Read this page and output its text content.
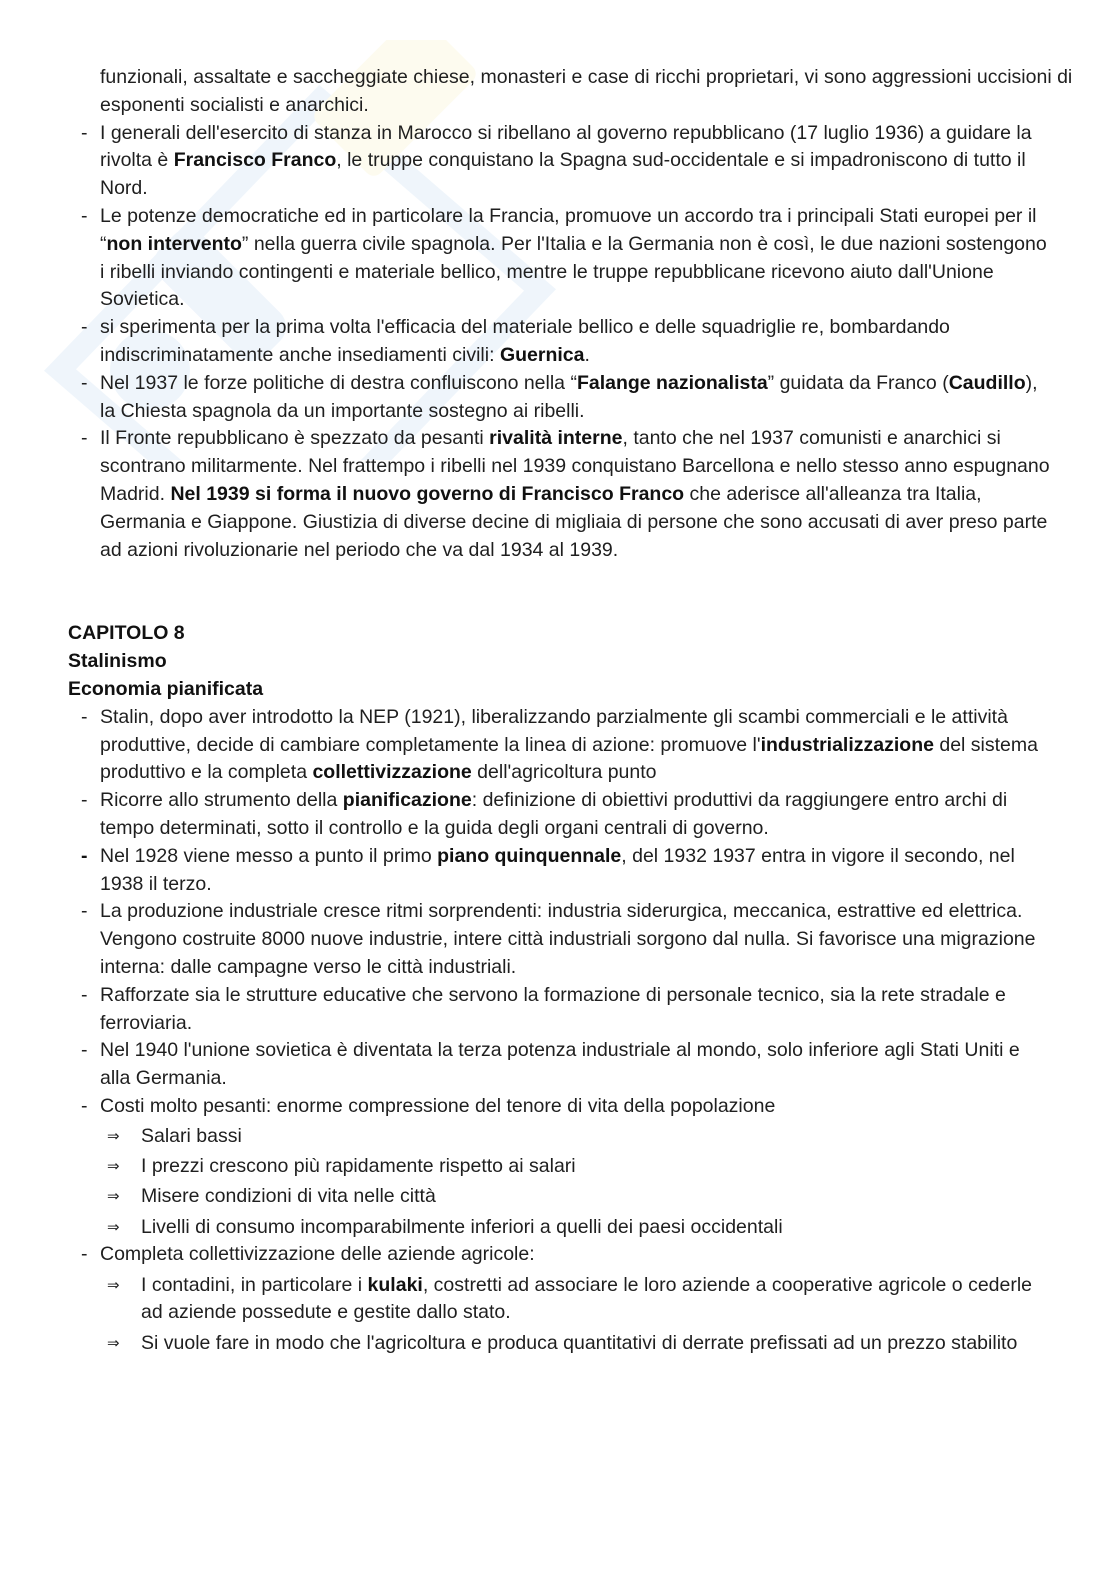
funzionali, assaltate e saccheggiate chiese, monasteri e case di ricchi proprietari, vi sono aggressioni uccisioni di esponenti socialisti e anarchici.

- I generali dell'esercito di stanza in Marocco si ribellano al governo repubblicano (17 luglio 1936) a guidare la rivolta è Francisco Franco, le truppe conquistano la Spagna sud-occidentale e si impadroniscono di tutto il Nord.
- Le potenze democratiche ed in particolare la Francia, promuove un accordo tra i principali Stati europei per il “non intervento” nella guerra civile spagnola. Per l'Italia e la Germania non è così, le due nazioni sostengono i ribelli inviando contingenti e materiale bellico, mentre le truppe repubblicane ricevono aiuto dall'Unione Sovietica.
- si sperimenta per la prima volta l'efficacia del materiale bellico e delle squadriglie re, bombardando indiscriminatamente anche insediamenti civili: Guernica.
- Nel 1937 le forze politiche di destra confluiscono nella “Falange nazionalista” guidata da Franco (Caudillo), la Chiesta spagnola da un importante sostegno ai ribelli.
- Il Fronte repubblicano è spezzato da pesanti rivalità interne, tanto che nel 1937 comunisti e anarchici si scontrano militarmente. Nel frattempo i ribelli nel 1939 conquistano Barcellona e nello stesso anno espugnano Madrid. Nel 1939 si forma il nuovo governo di Francisco Franco che aderisce all'alleanza tra Italia, Germania e Giappone. Giustizia di diverse decine di migliaia di persone che sono accusati di aver preso parte ad azioni rivoluzionarie nel periodo che va dal 1934 al 1939.
CAPITOLO 8
Stalinismo
Economia pianificata
- Stalin, dopo aver introdotto la NEP (1921), liberalizzando parzialmente gli scambi commerciali e le attività produttive, decide di cambiare completamente la linea di azione: promuove l'industrializzazione del sistema produttivo e la completa collettivizzazione dell'agricoltura punto
- Ricorre allo strumento della pianificazione: definizione di obiettivi produttivi da raggiungere entro archi di tempo determinati, sotto il controllo e la guida degli organi centrali di governo.
- Nel 1928 viene messo a punto il primo piano quinquennale, del 1932 1937 entra in vigore il secondo, nel 1938 il terzo.
- La produzione industriale cresce ritmi sorprendenti: industria siderurgica, meccanica, estrattive ed elettrica. Vengono costruite 8000 nuove industrie, intere città industriali sorgono dal nulla. Si favorisce una migrazione interna: dalle campagne verso le città industriali.
- Rafforzate sia le strutture educative che servono la formazione di personale tecnico, sia la rete stradale e ferroviaria.
- Nel 1940 l'unione sovietica è diventata la terza potenza industriale al mondo, solo inferiore agli Stati Uniti e alla Germania.
- Costi molto pesanti: enorme compressione del tenore di vita della popolazione
⇒ Salari bassi
⇒ I prezzi crescono più rapidamente rispetto ai salari
⇒ Misere condizioni di vita nelle città
⇒ Livelli di consumo incomparabilmente inferiori a quelli dei paesi occidentali
- Completa collettivizzazione delle aziende agricole:
⇒ I contadini, in particolare i kulaki, costretti ad associare le loro aziende a cooperative agricole o cederle ad aziende possedute e gestite dallo stato.
⇒ Si vuole fare in modo che l'agricoltura e produca quantitativi di derrate prefissati ad un prezzo stabilito
